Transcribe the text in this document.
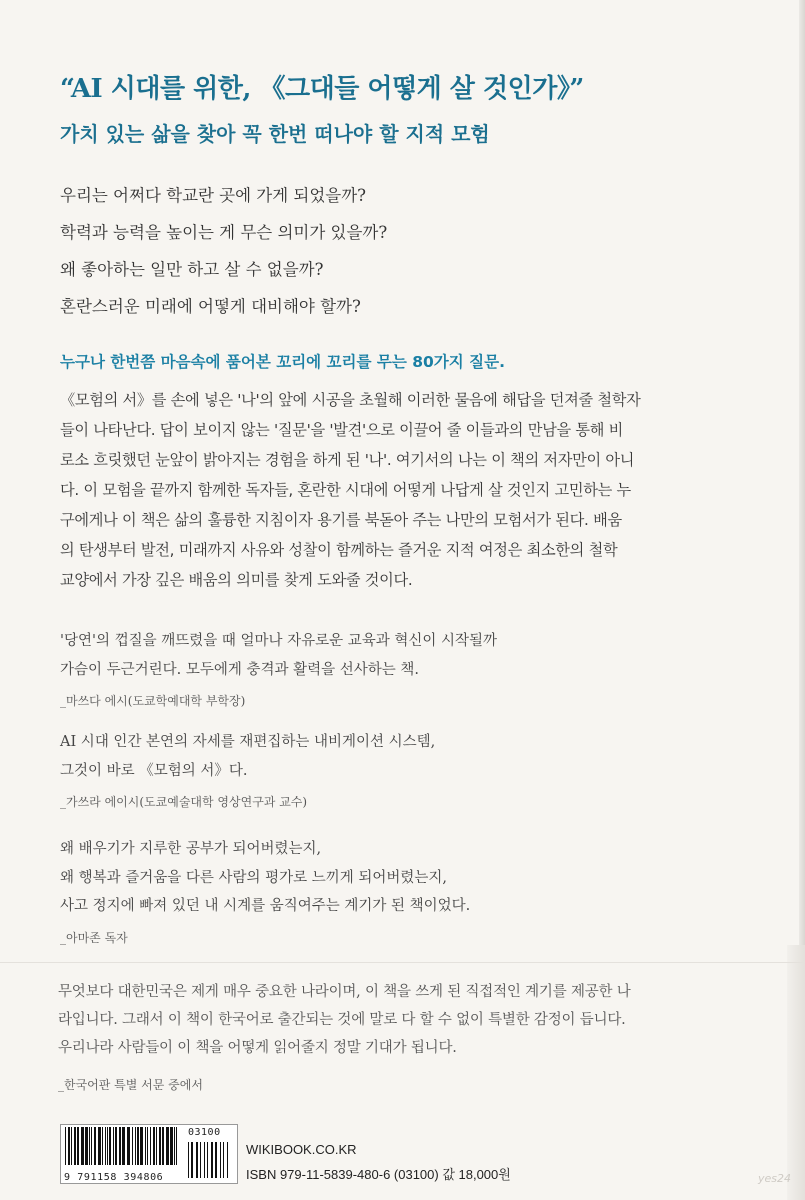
“AI 시대를 위한, 《그대들 어떻게 살 것인가》”
가치 있는 삶을 찾아 꼭 한번 떠나야 할 지적 모험
우리는 어쩌다 학교란 곳에 가게 되었을까?
학력과 능력을 높이는 게 무슨 의미가 있을까?
왜 좋아하는 일만 하고 살 수 없을까?
혼란스러운 미래에 어떻게 대비해야 할까?
누구나 한번쯤 마음속에 품어본 꼬리에 꼬리를 무는 80가지 질문.
《모험의 서》를 손에 넣은 '나'의 앞에 시공을 초월해 이러한 물음에 해답을 던져줄 철학자
들이 나타난다. 답이 보이지 않는 '질문'을 '발견'으로 이끌어 줄 이들과의 만남을 통해 비
로소 흐릿했던 눈앞이 밝아지는 경험을 하게 된 '나'. 여기서의 나는 이 책의 저자만이 아니
다. 이 모험을 끝까지 함께한 독자들, 혼란한 시대에 어떻게 나답게 살 것인지 고민하는 누
구에게나 이 책은 삶의 훌륭한 지침이자 용기를 북돋아 주는 나만의 모험서가 된다. 배움
의 탄생부터 발전, 미래까지 사유와 성찰이 함께하는 즐거운 지적 여정은 최소한의 철학
교양에서 가장 깊은 배움의 의미를 찾게 도와줄 것이다.
'당연'의 껍질을 깨뜨렸을 때 얼마나 자유로운 교육과 혁신이 시작될까
가슴이 두근거린다. 모두에게 충격과 활력을 선사하는 책.
_마쓰다 에시(도쿄학예대학 부학장)
AI 시대 인간 본연의 자세를 재편집하는 내비게이션 시스템,
그것이 바로 《모험의 서》다.
_가쓰라 에이시(도쿄예술대학 영상연구과 교수)
왜 배우기가 지루한 공부가 되어버렸는지,
왜 행복과 즐거움을 다른 사람의 평가로 느끼게 되어버렸는지,
사고 정지에 빠져 있던 내 시계를 움직여주는 계기가 된 책이었다.
_아마존 독자
무엇보다 대한민국은 제게 매우 중요한 나라이며, 이 책을 쓰게 된 직접적인 계기를 제공한 나
라입니다. 그래서 이 책이 한국어로 출간되는 것에 말로 다 할 수 없이 특별한 감정이 듭니다.
우리나라 사람들이 이 책을 어떻게 읽어줄지 정말 기대가 됩니다.
_한국어판 특별 서문 중에서
03100
9 791158 394806
WIKIBOOK.CO.KR
ISBN 979-11-5839-480-6 (03100) 값 18,000원	yes24
